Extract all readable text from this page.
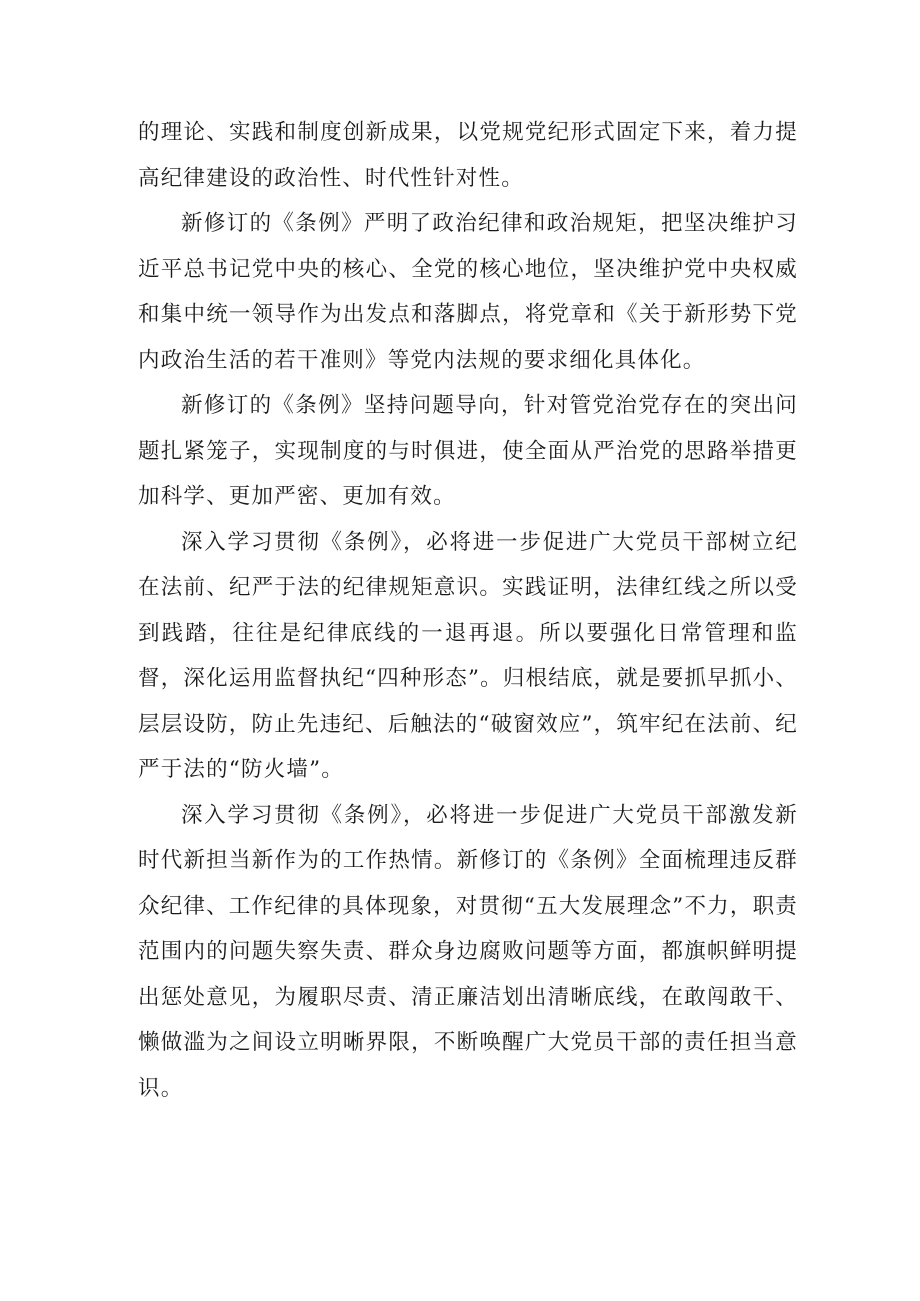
的理论、实践和制度创新成果，以党规党纪形式固定下来，着力提高纪律建设的政治性、时代性针对性。

新修订的《条例》严明了政治纪律和政治规矩，把坚决维护习近平总书记党中央的核心、全党的核心地位，坚决维护党中央权威和集中统一领导作为出发点和落脚点，将党章和《关于新形势下党内政治生活的若干准则》等党内法规的要求细化具体化。

新修订的《条例》坚持问题导向，针对管党治党存在的突出问题扎紧笼子，实现制度的与时俱进，使全面从严治党的思路举措更加科学、更加严密、更加有效。

深入学习贯彻《条例》，必将进一步促进广大党员干部树立纪在法前、纪严于法的纪律规矩意识。实践证明，法律红线之所以受到践踏，往往是纪律底线的一退再退。所以要强化日常管理和监督，深化运用监督执纪“四种形态”。归根结底，就是要抓早抓小、层层设防，防止先违纪、后触法的“破窗效应”，筑牢纪在法前、纪严于法的“防火墙”。

深入学习贯彻《条例》，必将进一步促进广大党员干部激发新时代新担当新作为的工作热情。新修订的《条例》全面梳理违反群众纪律、工作纪律的具体现象，对贯彻“五大发展理念”不力，职责范围内的问题失察失责、群众身边腐败问题等方面，都旗帜鲜明提出惩处意见，为履职尽责、清正廉洁划出清晰底线，在敢闯敢干、懒做滥为之间设立明晰界限，不断唤醒广大党员干部的责任担当意识。
